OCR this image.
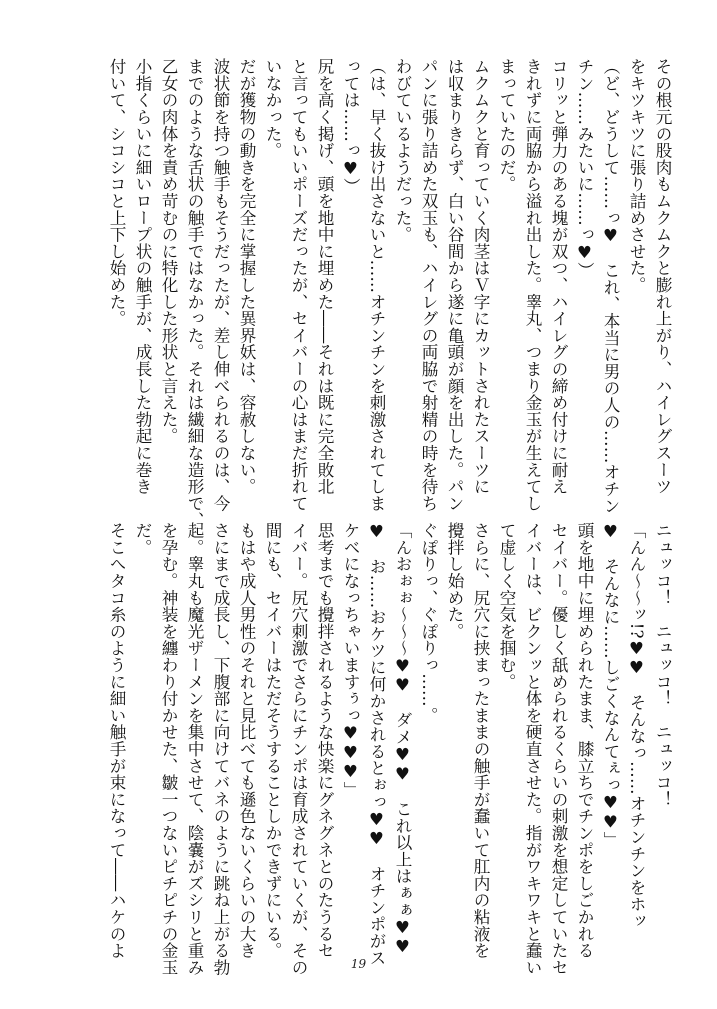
その根元の股肉もムクムクと膨れ上がり、ハイレグスーツ
をキツキツに張り詰めさせた。
（ど、どうして……っ♥　これ、本当に男の人の……オチン
チン……みたいに……っ♥）
コリッと弾力のある塊が双つ、ハイレグの締め付けに耐え
きれずに両脇から溢れ出した。睾丸、つまり金玉が生えてし
まっていたのだ。
ムクムクと育っていく肉茎はＶ字にカットされたスーツに
は収まりきらず、白い谷間から遂に亀頭が顔を出した。パン
パンに張り詰めた双玉も、ハイレグの両脇で射精の時を待ち
わびているようだった。
（は、早く抜け出さないと……オチンチンを刺激されてしま
っては……っ♥）
尻を高く掲げ、頭を地中に埋めた――それは既に完全敗北
と言ってもいいポーズだったが、セイバーの心はまだ折れて
いなかった。
だが獲物の動きを完全に掌握した異界妖は、容赦しない。
波状節を持つ触手もそうだったが、差し伸べられるのは、今
までのような舌状の触手ではなかった。それは繊細な造形で、
乙女の肉体を責め苛むのに特化した形状と言えた。
小指くらいに細いロープ状の触手が、成長した勃起に巻き
付いて、シコシコと上下し始めた。
ニュッコ！　ニュッコ！　ニュッコ！
「んん～～ッ!?♥♥　そんなっ……オチンチンをホッ
♥　そんなに……しごくなんてぇっ♥♥」
頭を地中に埋められたまま、膝立ちでチンポをしごかれる
セイバー。優しく舐められるくらいの刺激を想定していたセ
イバーは、ビクンッと体を硬直させた。指がワキワキと蠢い
て虚しく空気を掴む。
さらに、尻穴に挟まったままの触手が蠢いて肛内の粘液を
攪拌し始めた。
ぐぽりっ、ぐぽりっ……。
「んおぉぉ～～～♥♥　ダメ♥♥　これ以上はぁぁ♥♥
♥　お……おケツに何かされるとぉっ♥♥　オチンポがス
ケベになっちゃいますぅっ♥♥♥」
思考までも攪拌されるような快楽にグネグネとのたうるセ
イバー。尻穴刺激でさらにチンポは育成されていくが、その
間にも、セイバーはただそうすることしかできずにいる。
もはや成人男性のそれと見比べても遜色ないくらいの大き
さにまで成長し、下腹部に向けてバネのように跳ね上がる勃
起。睾丸も魔光ザーメンを集中させて、陰嚢がズシリと重み
を孕む。神装を纏わり付かせた、皺一つないピチピチの金玉
だ。
そこへタコ糸のように細い触手が束になって――ハケのよ
19
